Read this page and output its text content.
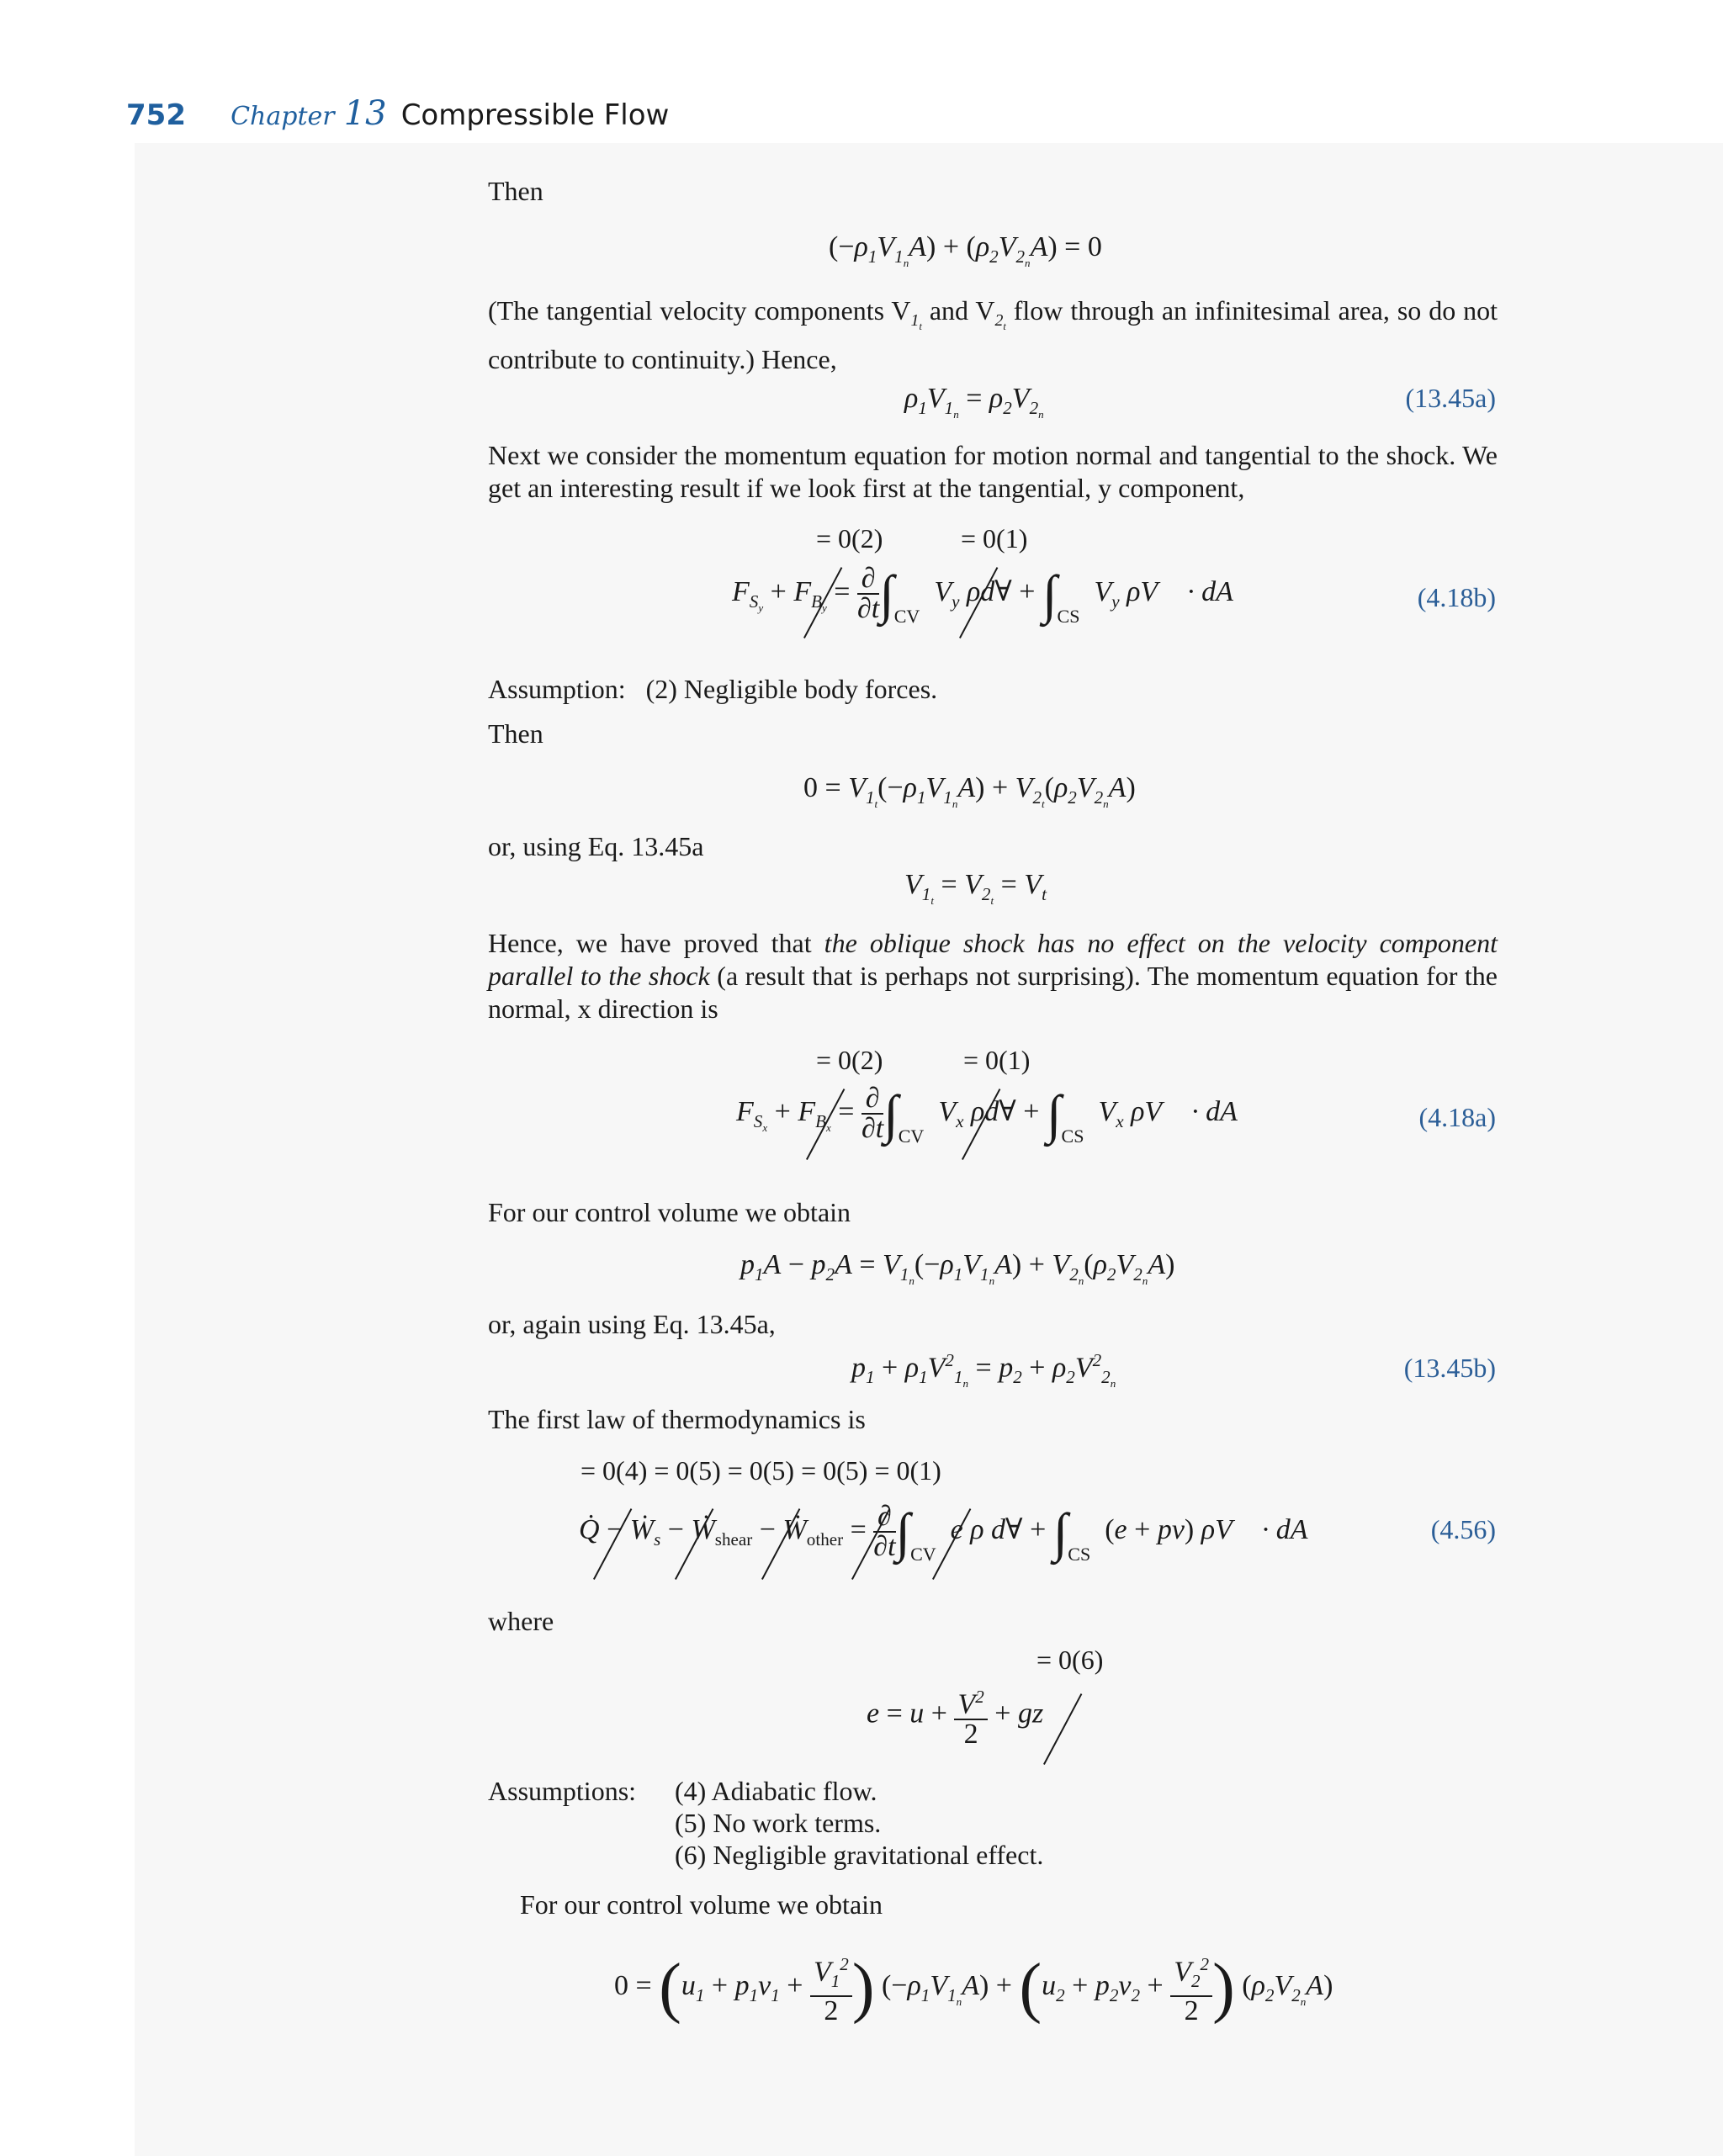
752 Chapter 13 Compressible Flow
Then
$(-\rho_1V_{1_n}A) + (\rho_2V_{2_n}A) = 0$
(The tangential velocity components $V_{1_t}$ and $V_{2_t}$ flow through an infinitesimal area, so do not contribute to continuity.) Hence,
$\rho_1V_{1_n} = \rho_2V_{2_n}$
(13.45a)
Next we consider the momentum equation for motion normal and tangential to the shock. We get an interesting result if we look first at the tangential, y component,
= 0(2)	= 0(1)
$F_{S_y} + F_{B_y} = \frac{\partial}{\partial t} \int_{CV}$  $V_y$ ρd∀ + $\int_{CS}$  $V_y$ ρV⃗ · dA⃗	(4.18b)
Assumption: (2) Negligible body forces.
Then
$0 = V_{1_t}(-\rho_1V_{1_n}A) + V_{2_t}(\rho_2V_{2_n}A)$
or, using Eq. 13.45a
$V_{1_t} = V_{2_t} = V_t$
Hence, we have proved that the oblique shock has no effect on the velocity component parallel to the shock (a result that is perhaps not surprising). The momentum equation for the normal, x direction is
= 0(2)	= 0(1)
$F_{S_x} + F_{B_x} = \frac{\partial}{\partial t} \int_{CV}$  $V_x$ ρd∀ + $\int_{CS}$  $V_x$ ρV⃗ · dA⃗	(4.18a)
For our control volume we obtain
$p_1A - p_2A = V_{1_n}(-\rho_1V_{1_n}A) + V_{2_n}(\rho_2V_{2_n}A)$
or, again using Eq. 13.45a,
$p_1 + \rho_1V^2_{1_n} = p_2 + \rho_2V^2_{2_n}$
(13.45b)
The first law of thermodynamics is
= 0(4) = 0(5) = 0(5) = 0(5) = 0(1)
Q̇ − Ẇ$_s$ − Ẇ$_{shear}$ − Ẇ$_{other}$ = $\frac{\partial}{\partial t} \int_{CV}$  e ρ d∀ + $\int_{CS}$  (e + pv) ρV⃗ · dA⃗	(4.56)
where
= 0(6)
$e = u + \frac{V^2}{2}$ + gz
Assumptions:	(4) Adiabatic flow.
(5) No work terms.
(6) Negligible gravitational effect.
For our control volume we obtain
$0 = (u_1 + p_1v_1 + \frac{V_1^2}{2}$ ) $(-\rho_1V_{1_n}A) + (u_2 + p_2v_2 + \frac{V_2^2}{2}$ ) $(\rho_2V_{2_n}A)$
